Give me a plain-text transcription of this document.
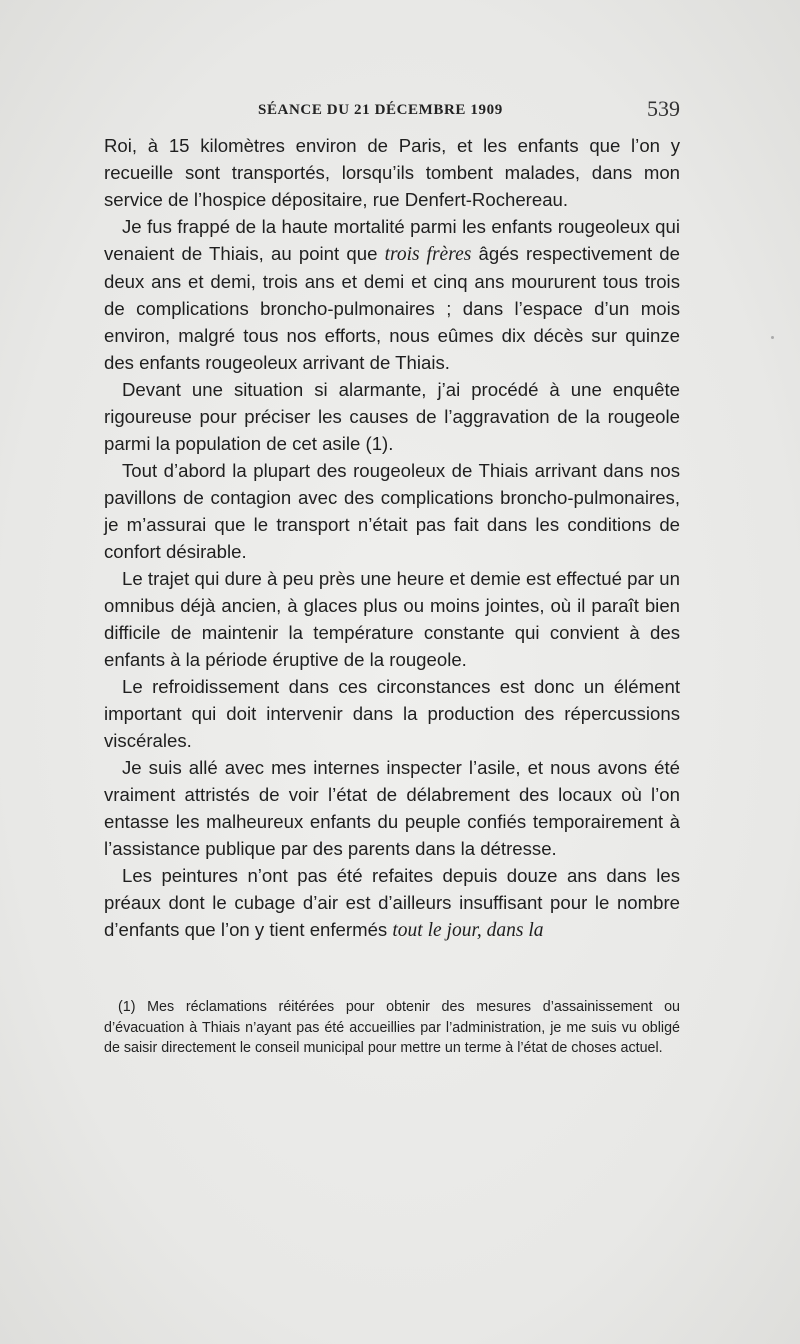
SÉANCE DU 21 DÉCEMBRE 1909	539

Roi, à 15 kilomètres environ de Paris, et les enfants que l’on y recueille sont transportés, lorsqu’ils tombent malades, dans mon service de l’hospice dépositaire, rue Denfert-Rochereau.

Je fus frappé de la haute mortalité parmi les enfants rougeoleux qui venaient de Thiais, au point que trois frères âgés respectivement de deux ans et demi, trois ans et demi et cinq ans moururent tous trois de complications broncho-pulmonaires ; dans l’espace d’un mois environ, malgré tous nos efforts, nous eûmes dix décès sur quinze des enfants rougeoleux arrivant de Thiais.

Devant une situation si alarmante, j’ai procédé à une enquête rigoureuse pour préciser les causes de l’aggravation de la rougeole parmi la population de cet asile (1).

Tout d’abord la plupart des rougeoleux de Thiais arrivant dans nos pavillons de contagion avec des complications broncho-pulmonaires, je m’assurai que le transport n’était pas fait dans les conditions de confort désirable.

Le trajet qui dure à peu près une heure et demie est effectué par un omnibus déjà ancien, à glaces plus ou moins jointes, où il paraît bien difficile de maintenir la température constante qui convient à des enfants à la période éruptive de la rougeole.

Le refroidissement dans ces circonstances est donc un élément important qui doit intervenir dans la production des répercussions viscérales.

Je suis allé avec mes internes inspecter l’asile, et nous avons été vraiment attristés de voir l’état de délabrement des locaux où l’on entasse les malheureux enfants du peuple confiés temporairement à l’assistance publique par des parents dans la détresse.

Les peintures n’ont pas été refaites depuis douze ans dans les préaux dont le cubage d’air est d’ailleurs insuffisant pour le nombre d’enfants que l’on y tient enfermés tout le jour, dans la

(1) Mes réclamations réitérées pour obtenir des mesures d’assainissement ou d’évacuation à Thiais n’ayant pas été accueillies par l’administration, je me suis vu obligé de saisir directement le conseil municipal pour mettre un terme à l’état de choses actuel.
